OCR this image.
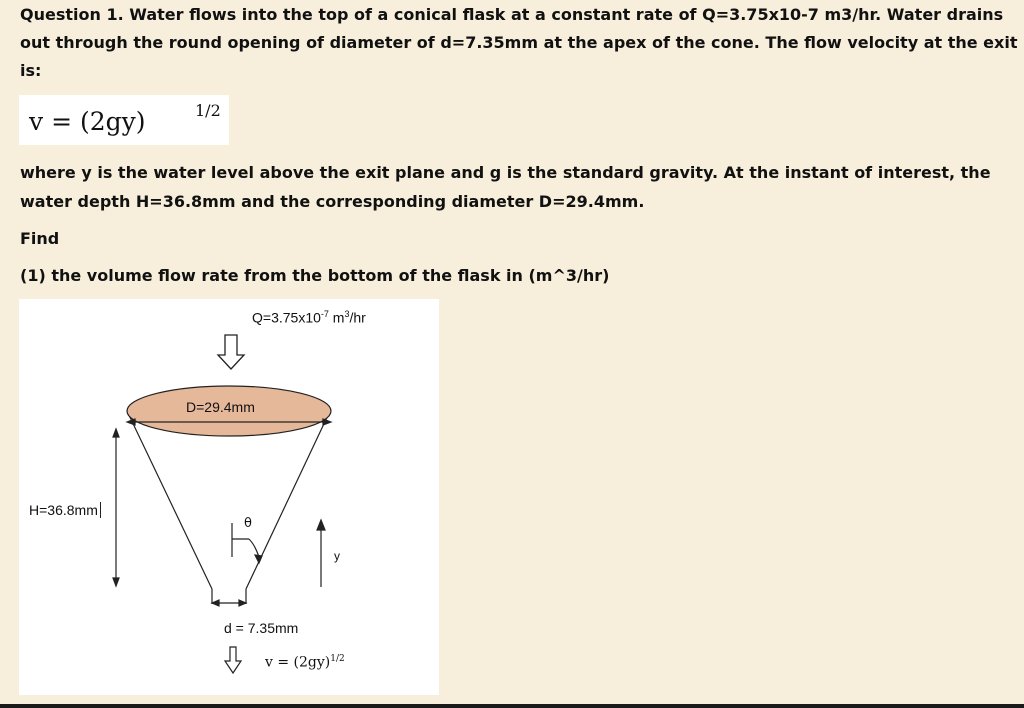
Question 1. Water flows into the top of a conical flask at a constant rate of Q=3.75x10-7 m3/hr. Water drains

out through the round opening of diameter of d=7.35mm at the apex of the cone. The flow velocity at the exit

is:

v = (2gy)	1/2

where y is the water level above the exit plane and g is the standard gravity. At the instant of interest, the

water depth H=36.8mm and the corresponding diameter D=29.4mm.

Find

(1) the volume flow rate from the bottom of the flask in (m^3/hr)

$Q=3.75x10^{-7}$ $m^3/hr$
D=29.4mm
H=36.8mm
θ
y
d = 7.35mm
$v = (2gy)^{1/2}$
